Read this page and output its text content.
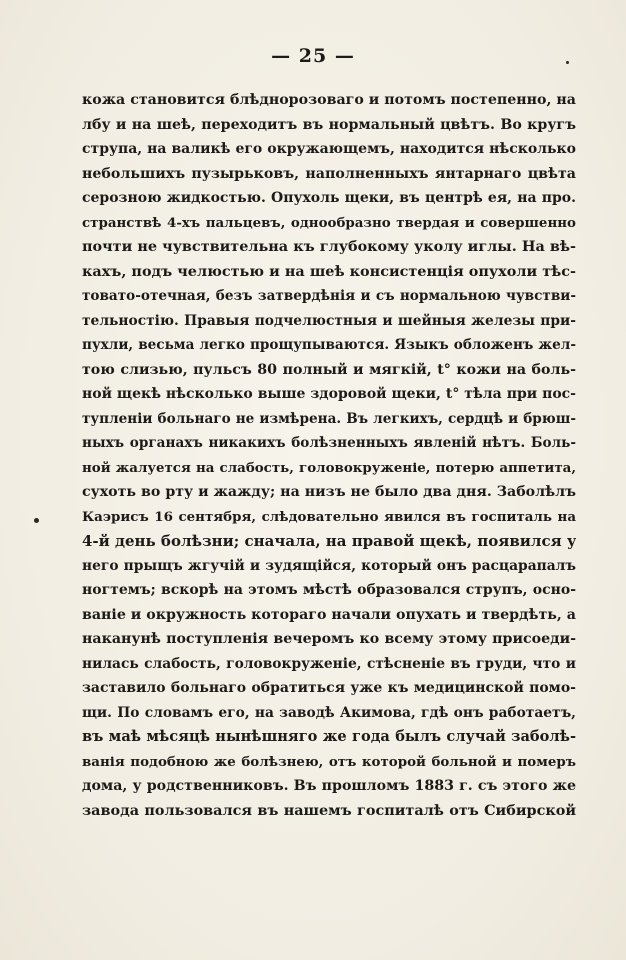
— 25 —
кожа становится блѣднорозоваго и потомъ постепенно, на
лбу и на шеѣ, переходитъ въ нормальный цвѣтъ. Во кругъ
струпа, на валикѣ его окружающемъ, находится нѣсколько
небольшихъ пузырьковъ, наполненныхъ янтарнаго цвѣта
серозною жидкостью. Опухоль щеки, въ центрѣ ея, на про.
странствѣ 4-хъ пальцевъ, однообразно твердая и совершенно
почти не чувствительна къ глубокому уколу иглы. На вѣ-
кахъ, подъ челюстью и на шеѣ консистенція опухоли тѣс-
товато-отечная, безъ затвердѣнія и съ нормальною чувстви-
тельностію. Правыя подчелюстныя и шейныя железы при-
пухли, весьма легко прощупываются. Языкъ обложенъ жел-
тою слизью, пульсъ 80 полный и мягкій, t° кожи на боль-
ной щекѣ нѣсколько выше здоровой щеки, t° тѣла при пос-
тупленіи больнаго не измѣрена. Въ легкихъ, сердцѣ и брюш-
ныхъ органахъ никакихъ болѣзненныхъ явленій нѣтъ. Боль-
ной жалуется на слабость, головокруженіе, потерю аппетита,
сухоть во рту и жажду; на низъ не было два дня. Заболѣлъ
Каэрисъ 16 сентября, слѣдовательно явился въ госпиталь на
4-й день болѣзни; сначала, на правой щекѣ, появился у
него прыщъ жгучій и зудящійся, который онъ расцарапалъ
ногтемъ; вскорѣ на этомъ мѣстѣ образовался струпъ, осно-
ваніе и окружность котораго начали опухать и твердѣть, а
наканунѣ поступленія вечеромъ ко всему этому присоеди-
нилась слабость, головокруженіе, стѣсненіе въ груди, что и
заставило больнаго обратиться уже къ медицинской помо-
щи. По словамъ его, на заводѣ Акимова, гдѣ онъ работаетъ,
въ маѣ мѣсяцѣ нынѣшняго же года былъ случай заболѣ-
ванія подобною же болѣзнею, отъ которой больной и померъ
дома, у родственниковъ. Въ прошломъ 1883 г. съ этого же
завода пользовался въ нашемъ госпиталѣ отъ Сибирской
